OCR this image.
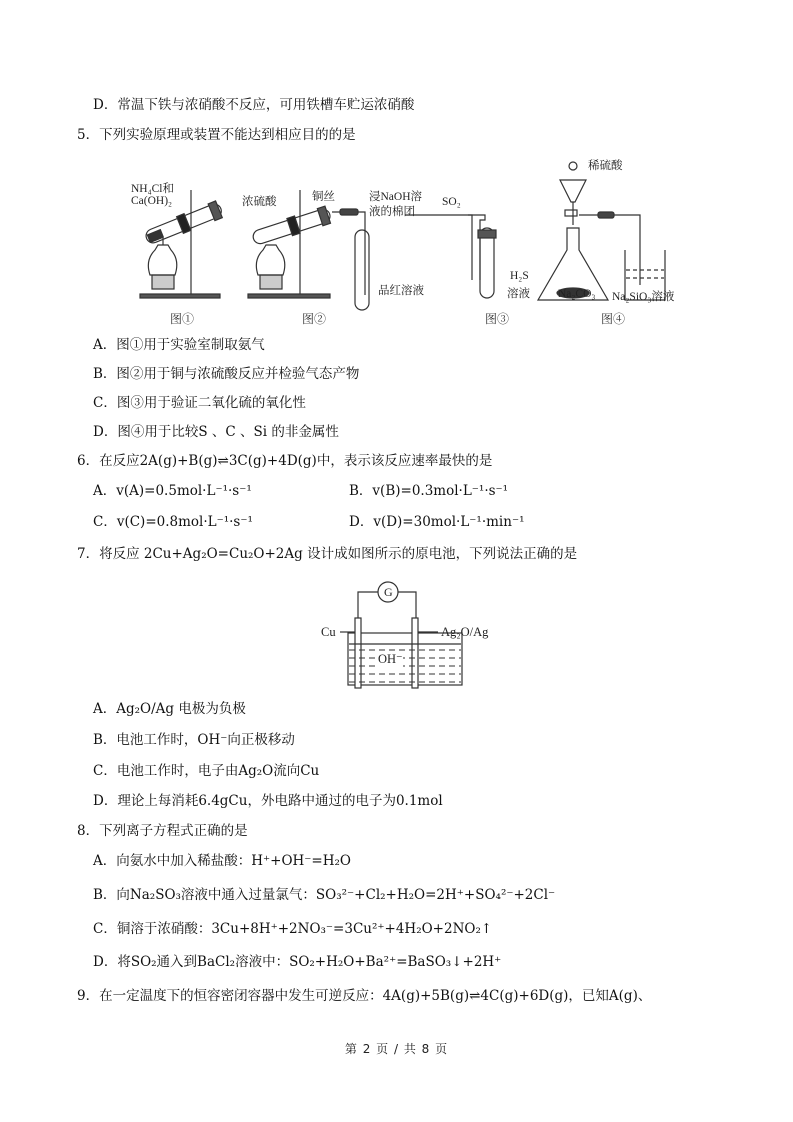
D．常温下铁与浓硝酸不反应，可用铁槽车贮运浓硝酸
5．下列实验原理或装置不能达到相应目的的是
NH₄Cl和
Ca(OH)₂	浓硫酸	铜丝	浸NaOH溶
液的棉团
品红溶液
SO₂
H₂S
溶液
稀硫酸
Na₂CO₃ Na₂SiO₃溶液
图①	图②	图③	图④
A．图①用于实验室制取氨气
B．图②用于铜与浓硫酸反应并检验气态产物
C．图③用于验证二氧化硫的氧化性
D．图④用于比较S 、C 、Si 的非金属性
6．在反应2A(g)+B(g)⇌3C(g)+4D(g)中，表示该反应速率最快的是
A．v(A)=0.5mol·L⁻¹·s⁻¹	B．v(B)=0.3mol·L⁻¹·s⁻¹
C．v(C)=0.8mol·L⁻¹·s⁻¹	D．v(D)=30mol·L⁻¹·min⁻¹
7．将反应 2Cu+Ag₂O=Cu₂O+2Ag 设计成如图所示的原电池，下列说法正确的是
G
Cu	Ag₂O/Ag
OH⁻
A．Ag₂O/Ag 电极为负极
B．电池工作时，OH⁻向正极移动
C．电池工作时，电子由Ag₂O流向Cu
D．理论上每消耗6.4gCu，外电路中通过的电子为0.1mol
8．下列离子方程式正确的是
A．向氨水中加入稀盐酸：H⁺+OH⁻=H₂O
B．向Na₂SO₃溶液中通入过量氯气：SO₃²⁻+Cl₂+H₂O=2H⁺+SO₄²⁻+2Cl⁻
C．铜溶于浓硝酸：3Cu+8H⁺+2NO₃⁻=3Cu²⁺+4H₂O+2NO₂↑
D．将SO₂通入到BaCl₂溶液中：SO₂+H₂O+Ba²⁺=BaSO₃↓+2H⁺
9．在一定温度下的恒容密闭容器中发生可逆反应：4A(g)+5B(g)⇌4C(g)+6D(g)，已知A(g)、
第 2 页 / 共 8 页
